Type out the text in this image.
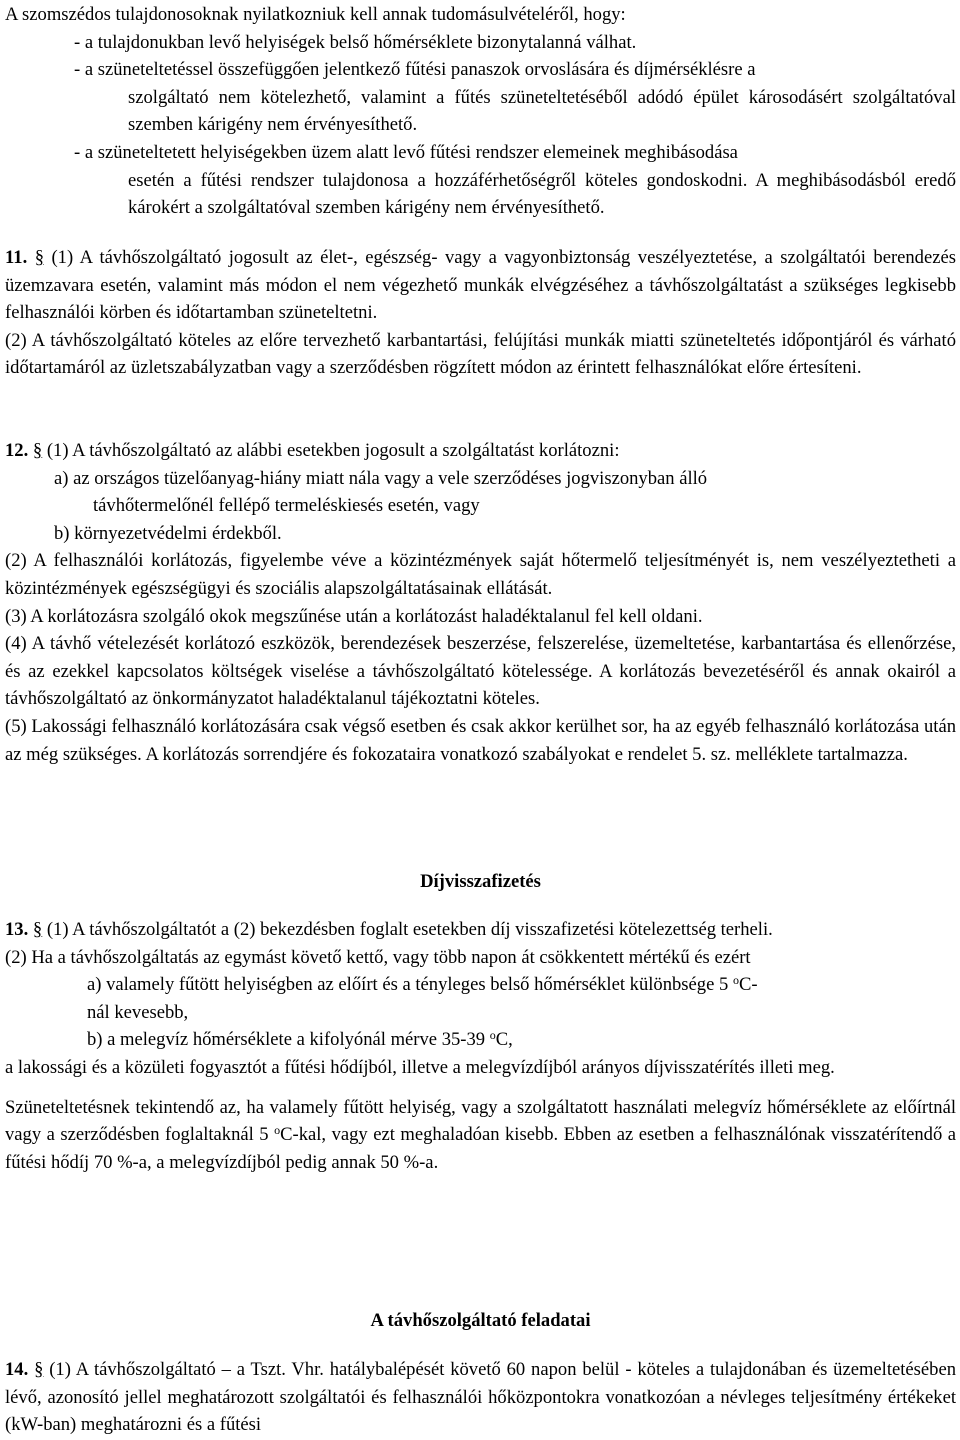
A szomszédos tulajdonosoknak nyilatkozniuk kell annak tudomásulvételéről, hogy:

- a tulajdonukban levő helyiségek belső hőmérséklete bizonytalanná válhat.

- a szüneteltetéssel összefüggően jelentkező fűtési panaszok orvoslására és díjmérséklésre a
szolgáltató nem kötelezhető, valamint a fűtés szüneteltetéséből adódó épület károsodásért szolgáltatóval szemben kárigény nem érvényesíthető.

- a szüneteltetett helyiségekben üzem alatt levő fűtési rendszer elemeinek meghibásodása
esetén a fűtési rendszer tulajdonosa a hozzáférhetőségről köteles gondoskodni. A meghibásodásból eredő károkért a szolgáltatóval szemben kárigény nem érvényesíthető.

11. § (1) A távhőszolgáltató jogosult az élet-, egészség- vagy a vagyonbiztonság veszélyeztetése, a szolgáltatói berendezés üzemzavara esetén, valamint más módon el nem végezhető munkák elvégzéséhez a távhőszolgáltatást a szükséges legkisebb felhasználói körben és időtartamban szüneteltetni.

(2) A távhőszolgáltató köteles az előre tervezhető karbantartási, felújítási munkák miatti szüneteltetés időpontjáról és várható időtartamáról az üzletszabályzatban vagy a szerződésben rögzített módon az érintett felhasználókat előre értesíteni.

12. § (1) A távhőszolgáltató az alábbi esetekben jogosult a szolgáltatást korlátozni:

a) az országos tüzelőanyag-hiány miatt nála vagy a vele szerződéses jogviszonyban álló
távhőtermelőnél fellépő termeléskiesés esetén, vagy

b) környezetvédelmi érdekből.

(2) A felhasználói korlátozás, figyelembe véve a közintézmények saját hőtermelő teljesítményét is, nem veszélyeztetheti a közintézmények egészségügyi és szociális alapszolgáltatásainak ellátását.

(3) A korlátozásra szolgáló okok megszűnése után a korlátozást haladéktalanul fel kell oldani.

(4) A távhő vételezését korlátozó eszközök, berendezések beszerzése, felszerelése, üzemeltetése, karbantartása és ellenőrzése, és az ezekkel kapcsolatos költségek viselése a távhőszolgáltató kötelessége. A korlátozás bevezetéséről és annak okairól a távhőszolgáltató az önkormányzatot haladéktalanul tájékoztatni köteles.

(5) Lakossági felhasználó korlátozására csak végső esetben és csak akkor kerülhet sor, ha az egyéb felhasználó korlátozása után az még szükséges. A korlátozás sorrendjére és fokozataira vonatkozó szabályokat e rendelet 5. sz. melléklete tartalmazza.

Díjvisszafizetés

13. § (1) A távhőszolgáltatót a (2) bekezdésben foglalt esetekben díj visszafizetési kötelezettség terheli.

(2) Ha a távhőszolgáltatás az egymást követő kettő, vagy több napon át csökkentett mértékű és ezért

a) valamely fűtött helyiségben az előírt és a tényleges belső hőmérséklet különbsége 5 $^o$C-
nál kevesebb,

b) a melegvíz hőmérséklete a kifolyónál mérve 35-39 $^o$C,

a lakossági és a közületi fogyasztót a fűtési hődíjból, illetve a melegvízdíjból arányos díjvisszatérítés illeti meg.

Szüneteltetésnek tekintendő az, ha valamely fűtött helyiség, vagy a szolgáltatott használati melegvíz hőmérséklete az előírtnál vagy a szerződésben foglaltaknál 5 $^o$C-kal, vagy ezt meghaladóan kisebb. Ebben az esetben a felhasználónak visszatérítendő a fűtési hődíj 70 %-a, a melegvízdíjból pedig annak 50 %-a.

A távhőszolgáltató feladatai

14. § (1) A távhőszolgáltató – a Tszt. Vhr. hatálybalépését követő 60 napon belül - köteles a tulajdonában és üzemeltetésében lévő, azonosító jellel meghatározott szolgáltatói és felhasználói hőközpontokra vonatkozóan a névleges teljesítmény értékeket (kW-ban) meghatározni és a fűtési
